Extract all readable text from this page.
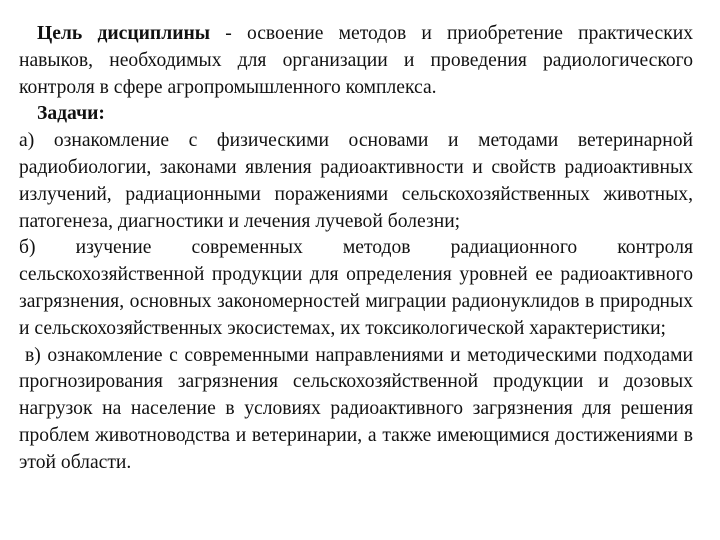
Цель дисциплины - освоение методов и приобретение практических навыков, необходимых для организации и проведения радиологического контроля в сфере агропромышленного комплекса.

Задачи:

а) ознакомление с физическими основами и методами ветеринарной радиобиологии, законами явления радиоактивности и свойств радиоактивных излучений, радиационными поражениями сельскохозяйственных животных, патогенеза, диагностики и лечения лучевой болезни;

б) изучение современных методов радиационного контроля сельскохозяйственной продукции для определения уровней ее радиоактивного загрязнения, основных закономерностей миграции радионуклидов в природных и сельскохозяйственных экосистемах, их токсикологической характеристики;

в) ознакомление с современными направлениями и методическими подходами прогнозирования загрязнения сельскохозяйственной продукции и дозовых нагрузок на население в условиях радиоактивного загрязнения для решения проблем животноводства и ветеринарии, а также имеющимися достижениями в этой области.
